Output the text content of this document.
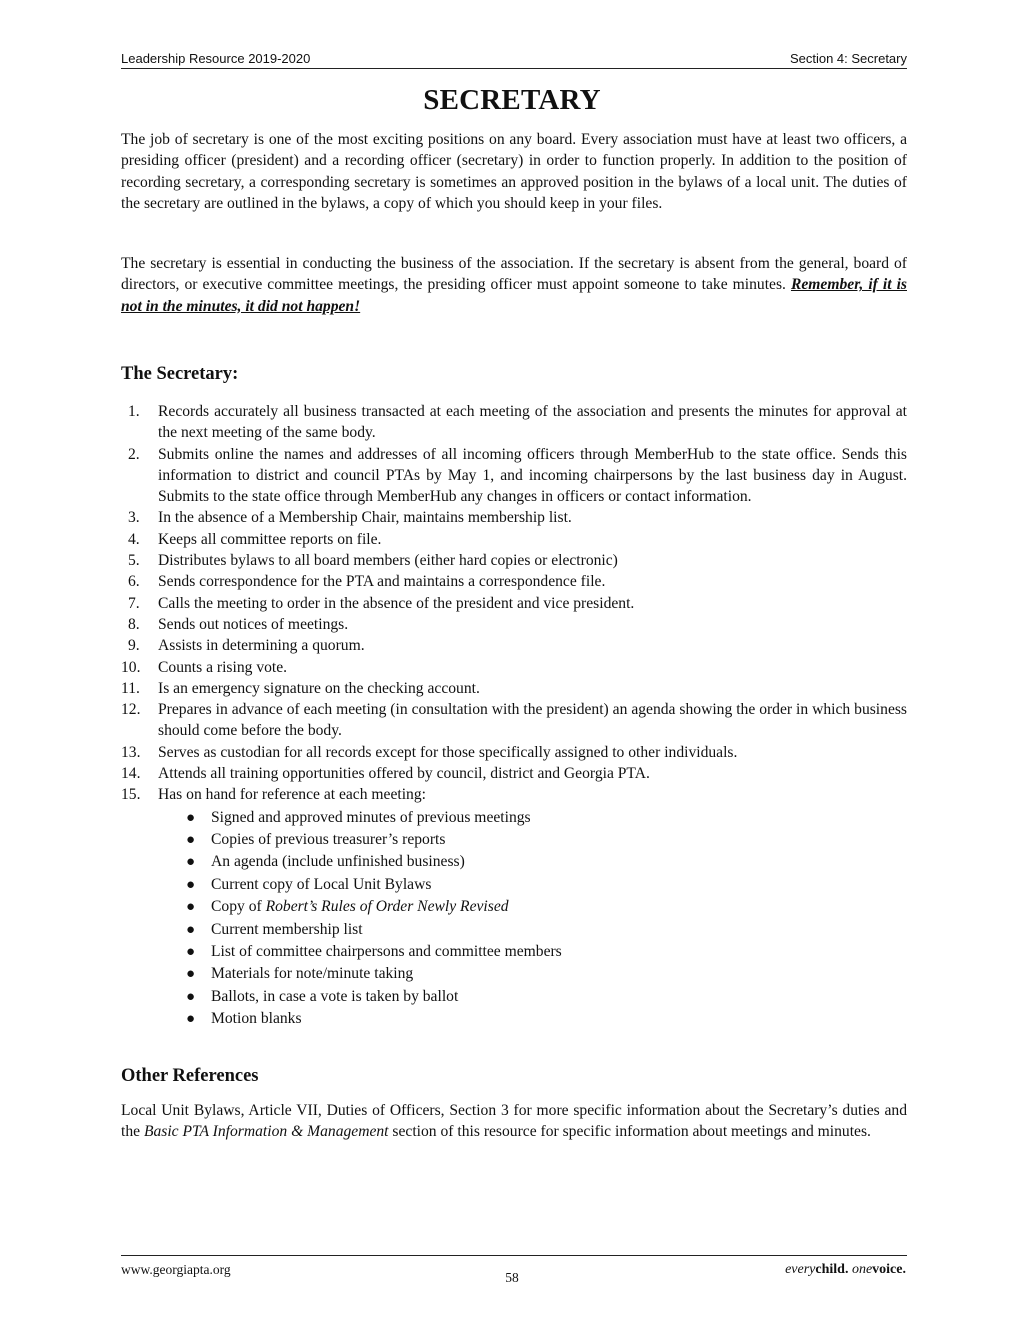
Leadership Resource 2019-2020	Section 4: Secretary
SECRETARY

The job of secretary is one of the most exciting positions on any board. Every association must have at least two officers, a presiding officer (president) and a recording officer (secretary) in order to function properly. In addition to the position of recording secretary, a corresponding secretary is sometimes an approved position in the bylaws of a local unit. The duties of the secretary are outlined in the bylaws, a copy of which you should keep in your files.

The secretary is essential in conducting the business of the association. If the secretary is absent from the general, board of directors, or executive committee meetings, the presiding officer must appoint someone to take minutes. Remember, if it is not in the minutes, it did not happen!

The Secretary:
1.	Records accurately all business transacted at each meeting of the association and presents the minutes for approval at the next meeting of the same body.
2.	Submits online the names and addresses of all incoming officers through MemberHub to the state office. Sends this information to district and council PTAs by May 1, and incoming chairpersons by the last business day in August. Submits to the state office through MemberHub any changes in officers or contact information.
3.	In the absence of a Membership Chair, maintains membership list.
4.	Keeps all committee reports on file.
5.	Distributes bylaws to all board members (either hard copies or electronic)
6.	Sends correspondence for the PTA and maintains a correspondence file.
7.	Calls the meeting to order in the absence of the president and vice president.
8.	Sends out notices of meetings.
9.	Assists in determining a quorum.
10.	Counts a rising vote.
11.	Is an emergency signature on the checking account.
12.	Prepares in advance of each meeting (in consultation with the president) an agenda showing the order in which business should come before the body.
13.	Serves as custodian for all records except for those specifically assigned to other individuals.
14.	Attends all training opportunities offered by council, district and Georgia PTA.
15.	Has on hand for reference at each meeting:
● Signed and approved minutes of previous meetings
● Copies of previous treasurer’s reports
● An agenda (include unfinished business)
● Current copy of Local Unit Bylaws
● Copy of Robert’s Rules of Order Newly Revised
● Current membership list
● List of committee chairpersons and committee members
● Materials for note/minute taking
● Ballots, in case a vote is taken by ballot
● Motion blanks
Other References

Local Unit Bylaws, Article VII, Duties of Officers, Section 3 for more specific information about the Secretary’s duties and the Basic PTA Information & Management section of this resource for specific information about meetings and minutes.

www.georgiapta.org
58
everychild. onevoice.
